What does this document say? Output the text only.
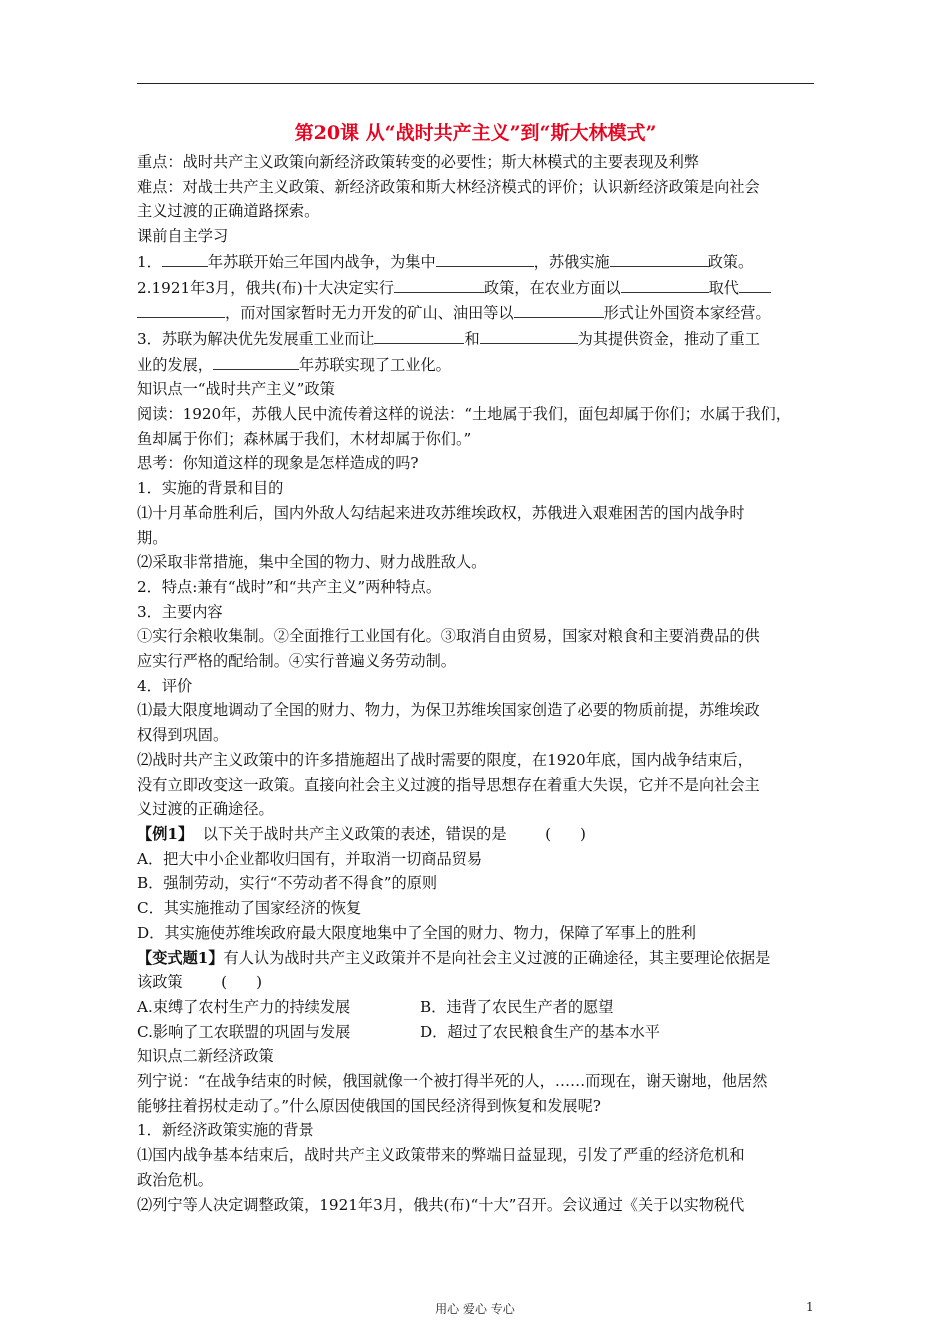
第20课 从“战时共产主义”到“斯大林模式”

重点：战时共产主义政策向新经济政策转变的必要性；斯大林模式的主要表现及利弊

难点：对战士共产主义政策、新经济政策和斯大林经济模式的评价；认识新经济政策是向社会

主义过渡的正确道路探索。

课前自主学习

1．	年苏联开始三年国内战争，为集中	，苏俄实施	政策。

2.1921年3月，俄共(布)十大决定实行	政策，在农业方面以	取代

，而对国家暂时无力开发的矿山、油田等以	形式让外国资本家经营。

3．苏联为解决优先发展重工业而让	和	为其提供资金，推动了重工

业的发展，	年苏联实现了工业化。

知识点一“战时共产主义”政策

阅读：1920年，苏俄人民中流传着这样的说法：“土地属于我们，面包却属于你们；水属于我们，

鱼却属于你们；森林属于我们，木材却属于你们。”

思考：你知道这样的现象是怎样造成的吗?

1．实施的背景和目的

⑴十月革命胜利后，国内外敌人勾结起来进攻苏维埃政权，苏俄进入艰难困苦的国内战争时

期。

⑵采取非常措施，集中全国的物力、财力战胜敌人。

2．特点:兼有“战时”和“共产主义”两种特点。

3．主要内容

①实行余粮收集制。②全面推行工业国有化。③取消自由贸易，国家对粮食和主要消费品的供

应实行严格的配给制。④实行普遍义务劳动制。

4．评价

⑴最大限度地调动了全国的财力、物力，为保卫苏维埃国家创造了必要的物质前提，苏维埃政

权得到巩固。

⑵战时共产主义政策中的许多措施超出了战时需要的限度，在1920年底，国内战争结束后，

没有立即改变这一政策。直接向社会主义过渡的指导思想存在着重大失误，它并不是向社会主

义过渡的正确途径。

【例1】  以下关于战时共产主义政策的表述，错误的是        (      )

A．把大中小企业都收归国有，并取消一切商品贸易

B．强制劳动，实行“不劳动者不得食”的原则

C．其实施推动了国家经济的恢复

D．其实施使苏维埃政府最大限度地集中了全国的财力、物力，保障了军事上的胜利

【变式题1】有人认为战时共产主义政策并不是向社会主义过渡的正确途径，其主要理论依据是

该政策        (      )

A.束缚了农村生产力的持续发展	B．违背了农民生产者的愿望

C.影响了工农联盟的巩固与发展	D．超过了农民粮食生产的基本水平

知识点二新经济政策

列宁说：“在战争结束的时候，俄国就像一个被打得半死的人，……而现在，谢天谢地，他居然

能够拄着拐杖走动了。”什么原因使俄国的国民经济得到恢复和发展呢?

1．新经济政策实施的背景

⑴国内战争基本结束后，战时共产主义政策带来的弊端日益显现，引发了严重的经济危机和

政治危机。

⑵列宁等人决定调整政策，1921年3月，俄共(布)“十大”召开。会议通过《关于以实物税代

用心 爱心 专心	1
